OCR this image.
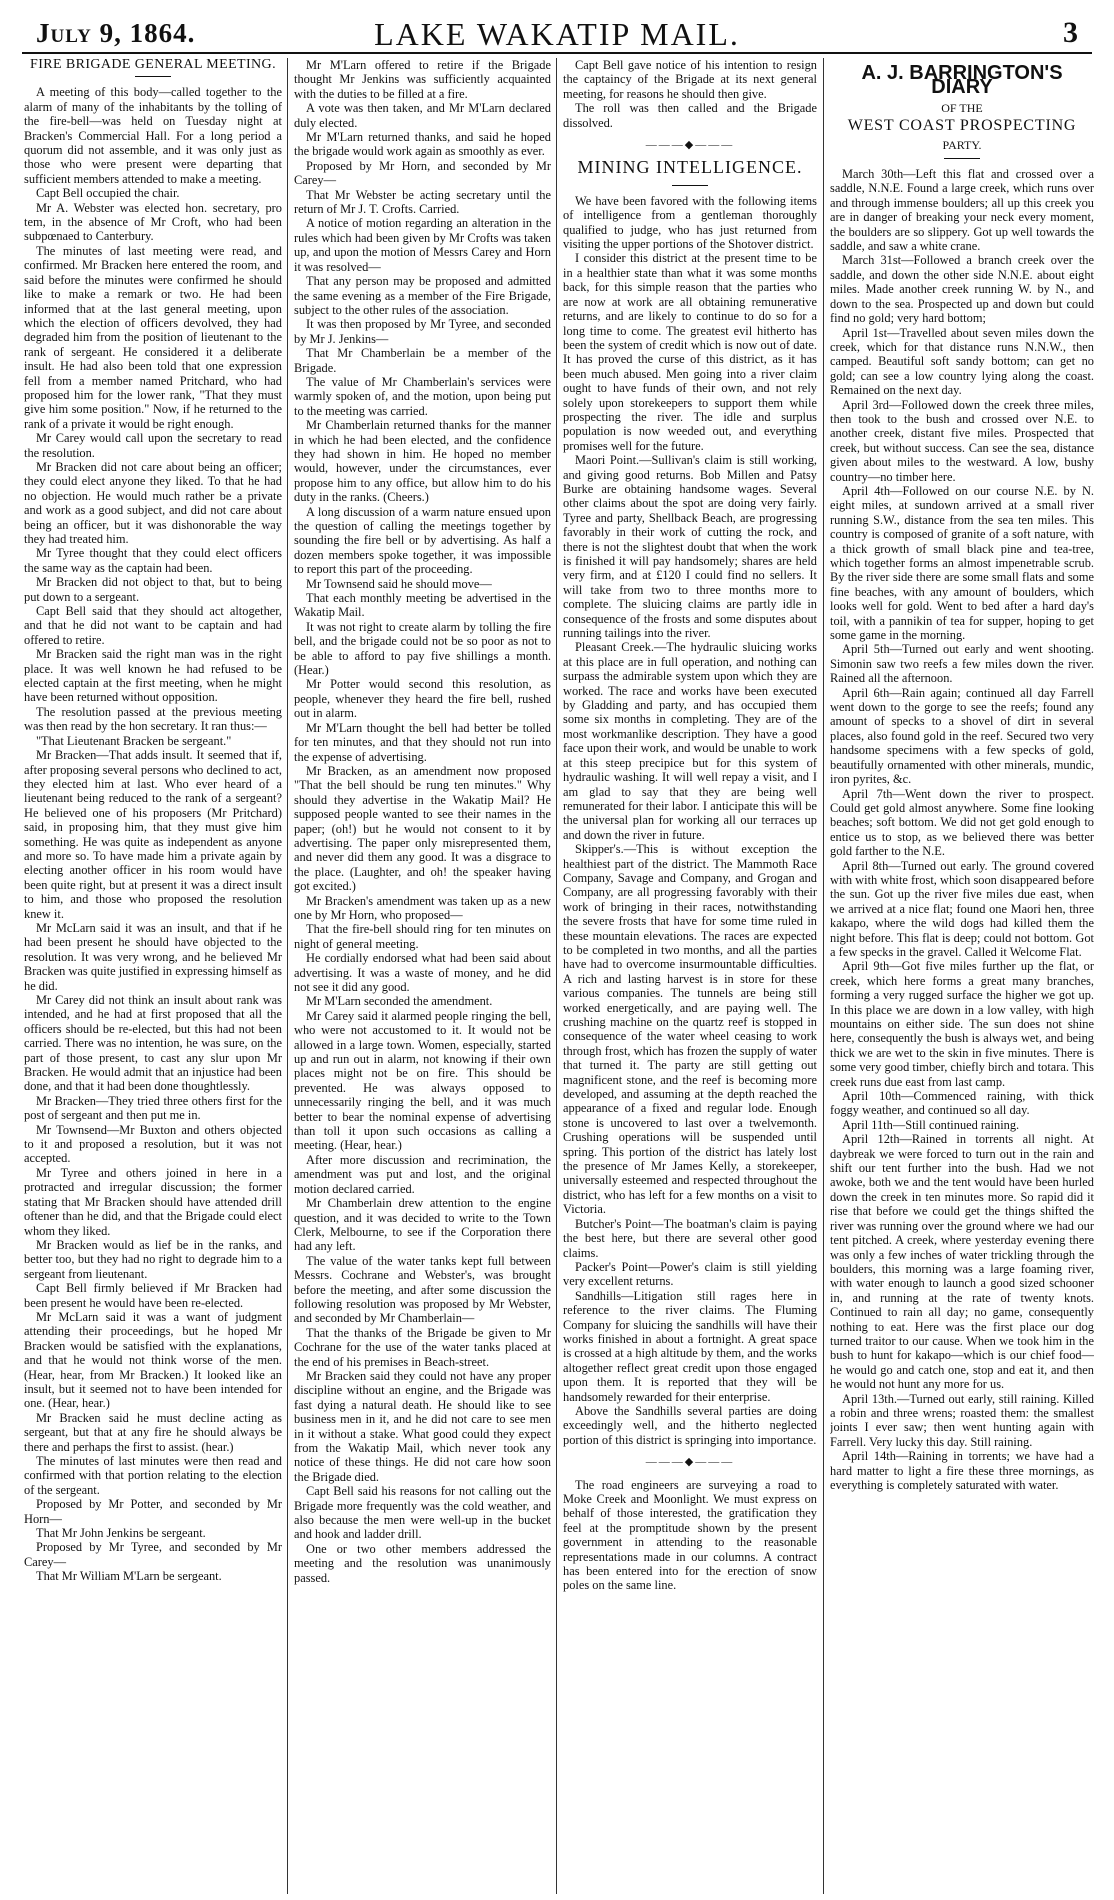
July 9, 1864.	LAKE WAKATIP MAIL.	3
FIRE BRIGADE GENERAL MEETING.

A meeting of this body—called together to the alarm of many of the inhabitants by the tolling of the fire-bell—was held on Tuesday night at Bracken's Commercial Hall. For a long period a quorum did not assemble, and it was only just as those who were present were departing that sufficient members attended to make a meeting.

Capt Bell occupied the chair.

Mr A. Webster was elected hon. secretary, pro tem, in the absence of Mr Croft, who had been subpœnaed to Canterbury.

The minutes of last meeting were read, and confirmed. Mr Bracken here entered the room, and said before the minutes were confirmed he should like to make a remark or two. He had been informed that at the last general meeting, upon which the election of officers devolved, they had degraded him from the position of lieutenant to the rank of sergeant. He considered it a deliberate insult. He had also been told that one expression fell from a member named Pritchard, who had proposed him for the lower rank, "That they must give him some position." Now, if he returned to the rank of a private it would be right enough.

Mr Carey would call upon the secretary to read the resolution.

Mr Bracken did not care about being an officer; they could elect anyone they liked. To that he had no objection. He would much rather be a private and work as a good subject, and did not care about being an officer, but it was dishonorable the way they had treated him.

Mr Tyree thought that they could elect officers the same way as the captain had been.

Mr Bracken did not object to that, but to being put down to a sergeant.

Capt Bell said that they should act altogether, and that he did not want to be captain and had offered to retire.

Mr Bracken said the right man was in the right place. It was well known he had refused to be elected captain at the first meeting, when he might have been returned without opposition.

The resolution passed at the previous meeting was then read by the hon secretary. It ran thus:—

"That Lieutenant Bracken be sergeant."

Mr Bracken—That adds insult. It seemed that if, after proposing several persons who declined to act, they elected him at last. Who ever heard of a lieutenant being reduced to the rank of a sergeant? He believed one of his proposers (Mr Pritchard) said, in proposing him, that they must give him something. He was quite as independent as anyone and more so. To have made him a private again by electing another officer in his room would have been quite right, but at present it was a direct insult to him, and those who proposed the resolution knew it.

Mr McLarn said it was an insult, and that if he had been present he should have objected to the resolution. It was very wrong, and he believed Mr Bracken was quite justified in expressing himself as he did.

Mr Carey did not think an insult about rank was intended, and he had at first proposed that all the officers should be re-elected, but this had not been carried. There was no intention, he was sure, on the part of those present, to cast any slur upon Mr Bracken. He would admit that an injustice had been done, and that it had been done thoughtlessly.

Mr Bracken—They tried three others first for the post of sergeant and then put me in.

Mr Townsend—Mr Buxton and others objected to it and proposed a resolution, but it was not accepted.

Mr Tyree and others joined in here in a protracted and irregular discussion; the former stating that Mr Bracken should have attended drill oftener than he did, and that the Brigade could elect whom they liked.

Mr Bracken would as lief be in the ranks, and better too, but they had no right to degrade him to a sergeant from lieutenant.

Capt Bell firmly believed if Mr Bracken had been present he would have been re-elected.

Mr McLarn said it was a want of judgment attending their proceedings, but he hoped Mr Bracken would be satisfied with the explanations, and that he would not think worse of the men. (Hear, hear, from Mr Bracken.) It looked like an insult, but it seemed not to have been intended for one. (Hear, hear.)

Mr Bracken said he must decline acting as sergeant, but that at any fire he should always be there and perhaps the first to assist. (hear.)

The minutes of last minutes were then read and confirmed with that portion relating to the election of the sergeant.

Proposed by Mr Potter, and seconded by Mr Horn—

That Mr John Jenkins be sergeant.

Proposed by Mr Tyree, and seconded by Mr Carey—

That Mr William M'Larn be sergeant.

Mr M'Larn offered to retire if the Brigade thought Mr Jenkins was sufficiently acquainted with the duties to be filled at a fire.

A vote was then taken, and Mr M'Larn declared duly elected.

Mr M'Larn returned thanks, and said he hoped the brigade would work again as smoothly as ever.

Proposed by Mr Horn, and seconded by Mr Carey—

That Mr Webster be acting secretary until the return of Mr J. T. Crofts. Carried.

A notice of motion regarding an alteration in the rules which had been given by Mr Crofts was taken up, and upon the motion of Messrs Carey and Horn it was resolved—

That any person may be proposed and admitted the same evening as a member of the Fire Brigade, subject to the other rules of the association.

It was then proposed by Mr Tyree, and seconded by Mr J. Jenkins—

That Mr Chamberlain be a member of the Brigade.

The value of Mr Chamberlain's services were warmly spoken of, and the motion, upon being put to the meeting was carried.

Mr Chamberlain returned thanks for the manner in which he had been elected, and the confidence they had shown in him. He hoped no member would, however, under the circumstances, ever propose him to any office, but allow him to do his duty in the ranks. (Cheers.)

A long discussion of a warm nature ensued upon the question of calling the meetings together by sounding the fire bell or by advertising. As half a dozen members spoke together, it was impossible to report this part of the proceeding.

Mr Townsend said he should move—

That each monthly meeting be advertised in the Wakatip Mail.

It was not right to create alarm by tolling the fire bell, and the brigade could not be so poor as not to be able to afford to pay five shillings a month. (Hear.)

Mr Potter would second this resolution, as people, whenever they heard the fire bell, rushed out in alarm.

Mr M'Larn thought the bell had better be tolled for ten minutes, and that they should not run into the expense of advertising.

Mr Bracken, as an amendment now proposed "That the bell should be rung ten minutes." Why should they advertise in the Wakatip Mail? He supposed people wanted to see their names in the paper; (oh!) but he would not consent to it by advertising. The paper only misrepresented them, and never did them any good. It was a disgrace to the place. (Laughter, and oh! the speaker having got excited.)

Mr Bracken's amendment was taken up as a new one by Mr Horn, who proposed—

That the fire-bell should ring for ten minutes on night of general meeting.

He cordially endorsed what had been said about advertising. It was a waste of money, and he did not see it did any good.

Mr M'Larn seconded the amendment.

Mr Carey said it alarmed people ringing the bell, who were not accustomed to it. It would not be allowed in a large town. Women, especially, started up and run out in alarm, not knowing if their own places might not be on fire. This should be prevented. He was always opposed to unnecessarily ringing the bell, and it was much better to bear the nominal expense of advertising than toll it upon such occasions as calling a meeting. (Hear, hear.)

After more discussion and recrimination, the amendment was put and lost, and the original motion declared carried.

Mr Chamberlain drew attention to the engine question, and it was decided to write to the Town Clerk, Melbourne, to see if the Corporation there had any left.

The value of the water tanks kept full between Messrs. Cochrane and Webster's, was brought before the meeting, and after some discussion the following resolution was proposed by Mr Webster, and seconded by Mr Chamberlain—

That the thanks of the Brigade be given to Mr Cochrane for the use of the water tanks placed at the end of his premises in Beach-street.

Mr Bracken said they could not have any proper discipline without an engine, and the Brigade was fast dying a natural death. He should like to see business men in it, and he did not care to see men in it without a stake. What good could they expect from the Wakatip Mail, which never took any notice of these things. He did not care how soon the Brigade died.

Capt Bell said his reasons for not calling out the Brigade more frequently was the cold weather, and also because the men were well-up in the bucket and hook and ladder drill.

One or two other members addressed the meeting and the resolution was unanimously passed.

Capt Bell gave notice of his intention to resign the captaincy of the Brigade at its next general meeting, for reasons he should then give.

The roll was then called and the Brigade dissolved.

———◆———
MINING INTELLIGENCE.

We have been favored with the following items of intelligence from a gentleman thoroughly qualified to judge, who has just returned from visiting the upper portions of the Shotover district.

I consider this district at the present time to be in a healthier state than what it was some months back, for this simple reason that the parties who are now at work are all obtaining remunerative returns, and are likely to continue to do so for a long time to come. The greatest evil hitherto has been the system of credit which is now out of date. It has proved the curse of this district, as it has been much abused. Men going into a river claim ought to have funds of their own, and not rely solely upon storekeepers to support them while prospecting the river. The idle and surplus population is now weeded out, and everything promises well for the future.

Maori Point.—Sullivan's claim is still working, and giving good returns. Bob Millen and Patsy Burke are obtaining handsome wages. Several other claims about the spot are doing very fairly. Tyree and party, Shellback Beach, are progressing favorably in their work of cutting the rock, and there is not the slightest doubt that when the work is finished it will pay handsomely; shares are held very firm, and at £120 I could find no sellers. It will take from two to three months more to complete. The sluicing claims are partly idle in consequence of the frosts and some disputes about running tailings into the river.

Pleasant Creek.—The hydraulic sluicing works at this place are in full operation, and nothing can surpass the admirable system upon which they are worked. The race and works have been executed by Gladding and party, and has occupied them some six months in completing. They are of the most workmanlike description. They have a good face upon their work, and would be unable to work at this steep precipice but for this system of hydraulic washing. It will well repay a visit, and I am glad to say that they are being well remunerated for their labor. I anticipate this will be the universal plan for working all our terraces up and down the river in future.

Skipper's.—This is without exception the healthiest part of the district. The Mammoth Race Company, Savage and Company, and Grogan and Company, are all progressing favorably with their work of bringing in their races, notwithstanding the severe frosts that have for some time ruled in these mountain elevations. The races are expected to be completed in two months, and all the parties have had to overcome insurmountable difficulties. A rich and lasting harvest is in store for these various companies. The tunnels are being still worked energetically, and are paying well. The crushing machine on the quartz reef is stopped in consequence of the water wheel ceasing to work through frost, which has frozen the supply of water that turned it. The party are still getting out magnificent stone, and the reef is becoming more developed, and assuming at the depth reached the appearance of a fixed and regular lode. Enough stone is uncovered to last over a twelvemonth. Crushing operations will be suspended until spring. This portion of the district has lately lost the presence of Mr James Kelly, a storekeeper, universally esteemed and respected throughout the district, who has left for a few months on a visit to Victoria.

Butcher's Point—The boatman's claim is paying the best here, but there are several other good claims.

Packer's Point—Power's claim is still yielding very excellent returns.

Sandhills—Litigation still rages here in reference to the river claims. The Fluming Company for sluicing the sandhills will have their works finished in about a fortnight. A great space is crossed at a high altitude by them, and the works altogether reflect great credit upon those engaged upon them. It is reported that they will be handsomely rewarded for their enterprise.

Above the Sandhills several parties are doing exceedingly well, and the hitherto neglected portion of this district is springing into importance.

———◆———

The road engineers are surveying a road to Moke Creek and Moonlight. We must express on behalf of those interested, the gratification they feel at the promptitude shown by the present government in attending to the reasonable representations made in our columns. A contract has been entered into for the erection of snow poles on the same line.

A. J. BARRINGTON'S DIARY
OF THE
WEST COAST PROSPECTING
PARTY.

March 30th—Left this flat and crossed over a saddle, N.N.E. Found a large creek, which runs over and through immense boulders; all up this creek you are in danger of breaking your neck every moment, the boulders are so slippery. Got up well towards the saddle, and saw a white crane.

March 31st—Followed a branch creek over the saddle, and down the other side N.N.E. about eight miles. Made another creek running W. by N., and down to the sea. Prospected up and down but could find no gold; very hard bottom;

April 1st—Travelled about seven miles down the creek, which for that distance runs N.N.W., then camped. Beautiful soft sandy bottom; can get no gold; can see a low country lying along the coast. Remained on the next day.

April 3rd—Followed down the creek three miles, then took to the bush and crossed over N.E. to another creek, distant five miles. Prospected that creek, but without success. Can see the sea, distance given about miles to the westward. A low, bushy country—no timber here.

April 4th—Followed on our course N.E. by N. eight miles, at sundown arrived at a small river running S.W., distance from the sea ten miles. This country is composed of granite of a soft nature, with a thick growth of small black pine and tea-tree, which together forms an almost impenetrable scrub. By the river side there are some small flats and some fine beaches, with any amount of boulders, which looks well for gold. Went to bed after a hard day's toil, with a pannikin of tea for supper, hoping to get some game in the morning.

April 5th—Turned out early and went shooting. Simonin saw two reefs a few miles down the river. Rained all the afternoon.

April 6th—Rain again; continued all day Farrell went down to the gorge to see the reefs; found any amount of specks to a shovel of dirt in several places, also found gold in the reef. Secured two very handsome specimens with a few specks of gold, beautifully ornamented with other minerals, mundic, iron pyrites, &c.

April 7th—Went down the river to prospect. Could get gold almost anywhere. Some fine looking beaches; soft bottom. We did not get gold enough to entice us to stop, as we believed there was better gold farther to the N.E.

April 8th—Turned out early. The ground covered with with white frost, which soon disappeared before the sun. Got up the river five miles due east, when we arrived at a nice flat; found one Maori hen, three kakapo, where the wild dogs had killed them the night before. This flat is deep; could not bottom. Got a few specks in the gravel. Called it Welcome Flat.

April 9th—Got five miles further up the flat, or creek, which here forms a great many branches, forming a very rugged surface the higher we got up. In this place we are down in a low valley, with high mountains on either side. The sun does not shine here, consequently the bush is always wet, and being thick we are wet to the skin in five minutes. There is some very good timber, chiefly birch and totara. This creek runs due east from last camp.

April 10th—Commenced raining, with thick foggy weather, and continued so all day.

April 11th—Still continued raining.

April 12th—Rained in torrents all night. At daybreak we were forced to turn out in the rain and shift our tent further into the bush. Had we not awoke, both we and the tent would have been hurled down the creek in ten minutes more. So rapid did it rise that before we could get the things shifted the river was running over the ground where we had our tent pitched. A creek, where yesterday evening there was only a few inches of water trickling through the boulders, this morning was a large foaming river, with water enough to launch a good sized schooner in, and running at the rate of twenty knots. Continued to rain all day; no game, consequently nothing to eat. Here was the first place our dog turned traitor to our cause. When we took him in the bush to hunt for kakapo—which is our chief food—he would go and catch one, stop and eat it, and then he would not hunt any more for us.

April 13th.—Turned out early, still raining. Killed a robin and three wrens; roasted them: the smallest joints I ever saw; then went hunting again with Farrell. Very lucky this day. Still raining.

April 14th—Raining in torrents; we have had a hard matter to light a fire these three mornings, as everything is completely saturated with water.
